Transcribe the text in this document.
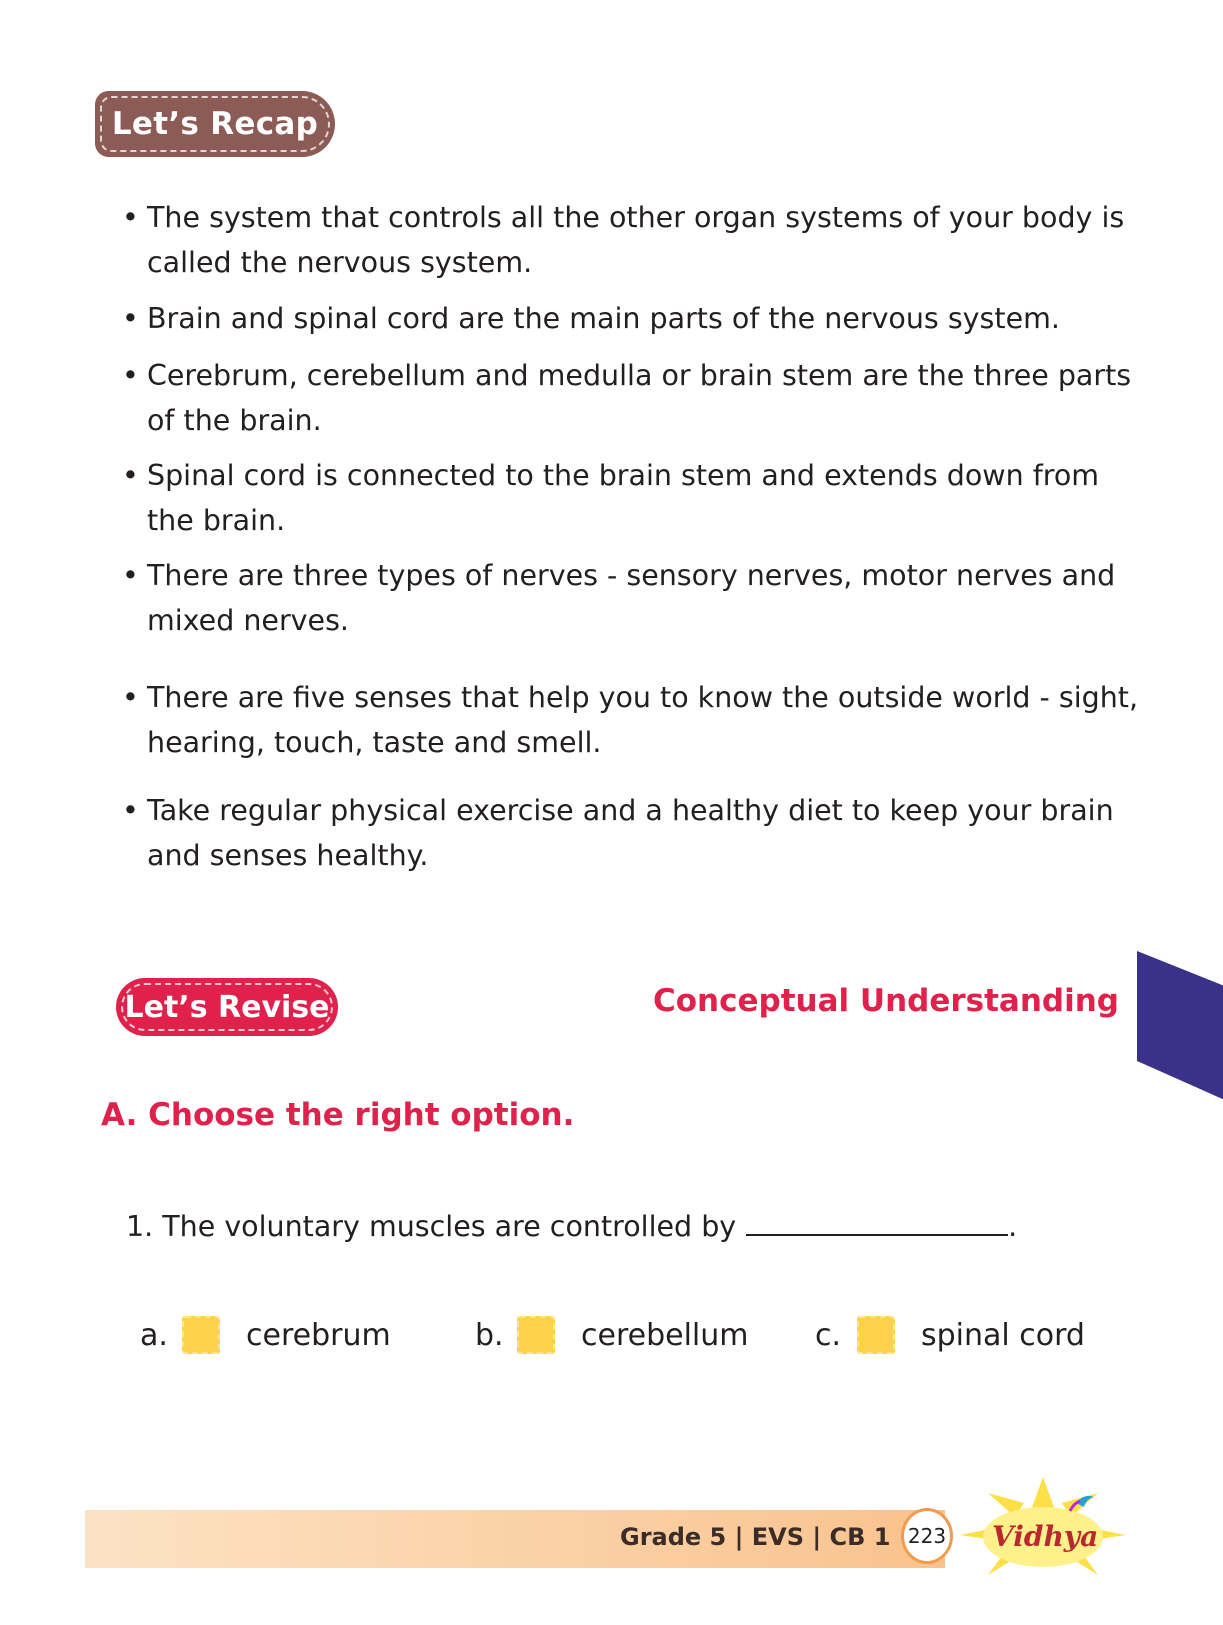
Let’s Recap
• The system that controls all the other organ systems of your body is called the nervous system.
• Brain and spinal cord are the main parts of the nervous system.
• Cerebrum, cerebellum and medulla or brain stem are the three parts of the brain.
• Spinal cord is connected to the brain stem and extends down from the brain.
• There are three types of nerves - sensory nerves, motor nerves and mixed nerves.
• There are five senses that help you to know the outside world - sight, hearing, touch, taste and smell.
• Take regular physical exercise and a healthy diet to keep your brain and senses healthy.
Let’s Revise	Conceptual Understanding
A. Choose the right option.
1. The voluntary muscles are controlled by	.
a.	cerebrum	b.	cerebellum c.	spinal cord
Grade 5 | EVS | CB 1 223 Vidhya
